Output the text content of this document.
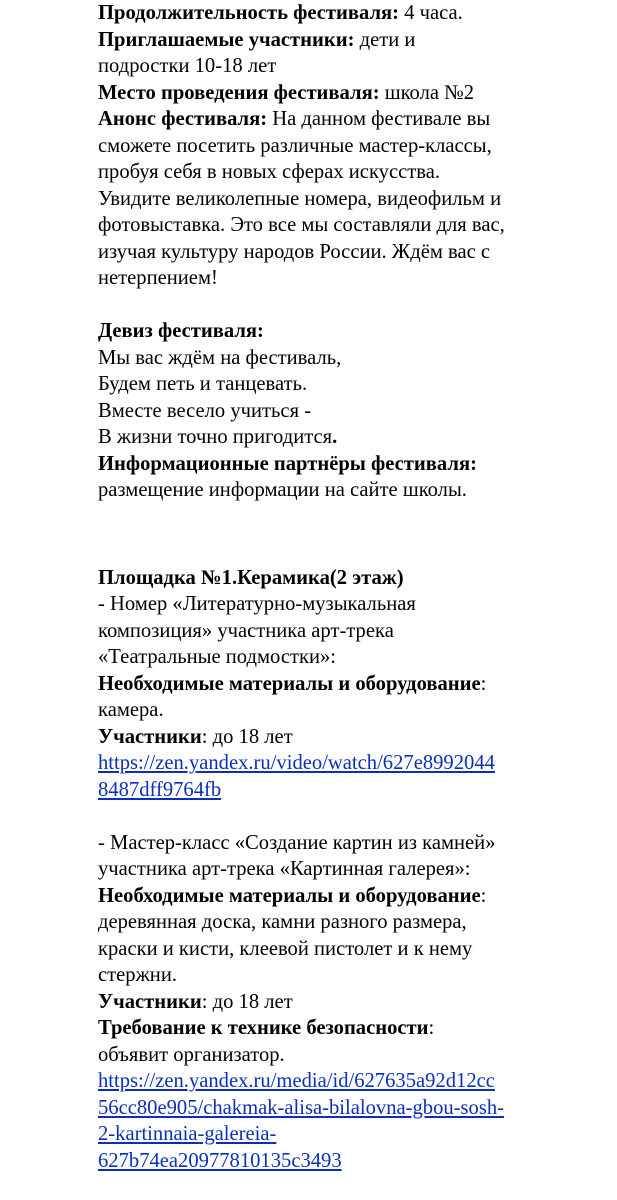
Продолжительность фестиваля: 4 часа.
Приглашаемые участники: дети и
подростки 10-18 лет
Место проведения фестиваля: школа №2
Анонс фестиваля: На данном фестивале вы
сможете посетить различные мастер-классы,
пробуя себя в новых сферах искусства.
Увидите великолепные номера, видеофильм и
фотовыставка. Это все мы составляли для вас,
изучая культуру народов России. Ждём вас с
нетерпением!
Девиз фестиваля:
Мы вас ждём на фестиваль,
Будем петь и танцевать.
Вместе весело учиться -
В жизни точно пригодится.
Информационные партнёры фестиваля:
размещение информации на сайте школы.
Площадка №1.Керамика(2 этаж)
- Номер «Литературно-музыкальная
композиция» участника арт-трека
«Театральные подмостки»:
Необходимые материалы и оборудование:
камера.
Участники: до 18 лет
https://zen.yandex.ru/video/watch/627e8992044
8487dff9764fb
- Мастер-класс «Создание картин из камней»
участника арт-трека «Картинная галерея»:
Необходимые материалы и оборудование:
деревянная доска, камни разного размера,
краски и кисти, клеевой пистолет и к нему
стержни.
Участники: до 18 лет
Требование к технике безопасности:
объявит организатор.
https://zen.yandex.ru/media/id/627635a92d12cc
56cc80e905/chakmak-alisa-bilalovna-gbou-sosh-
2-kartinnaia-galereia-
627b74ea20977810135c3493
